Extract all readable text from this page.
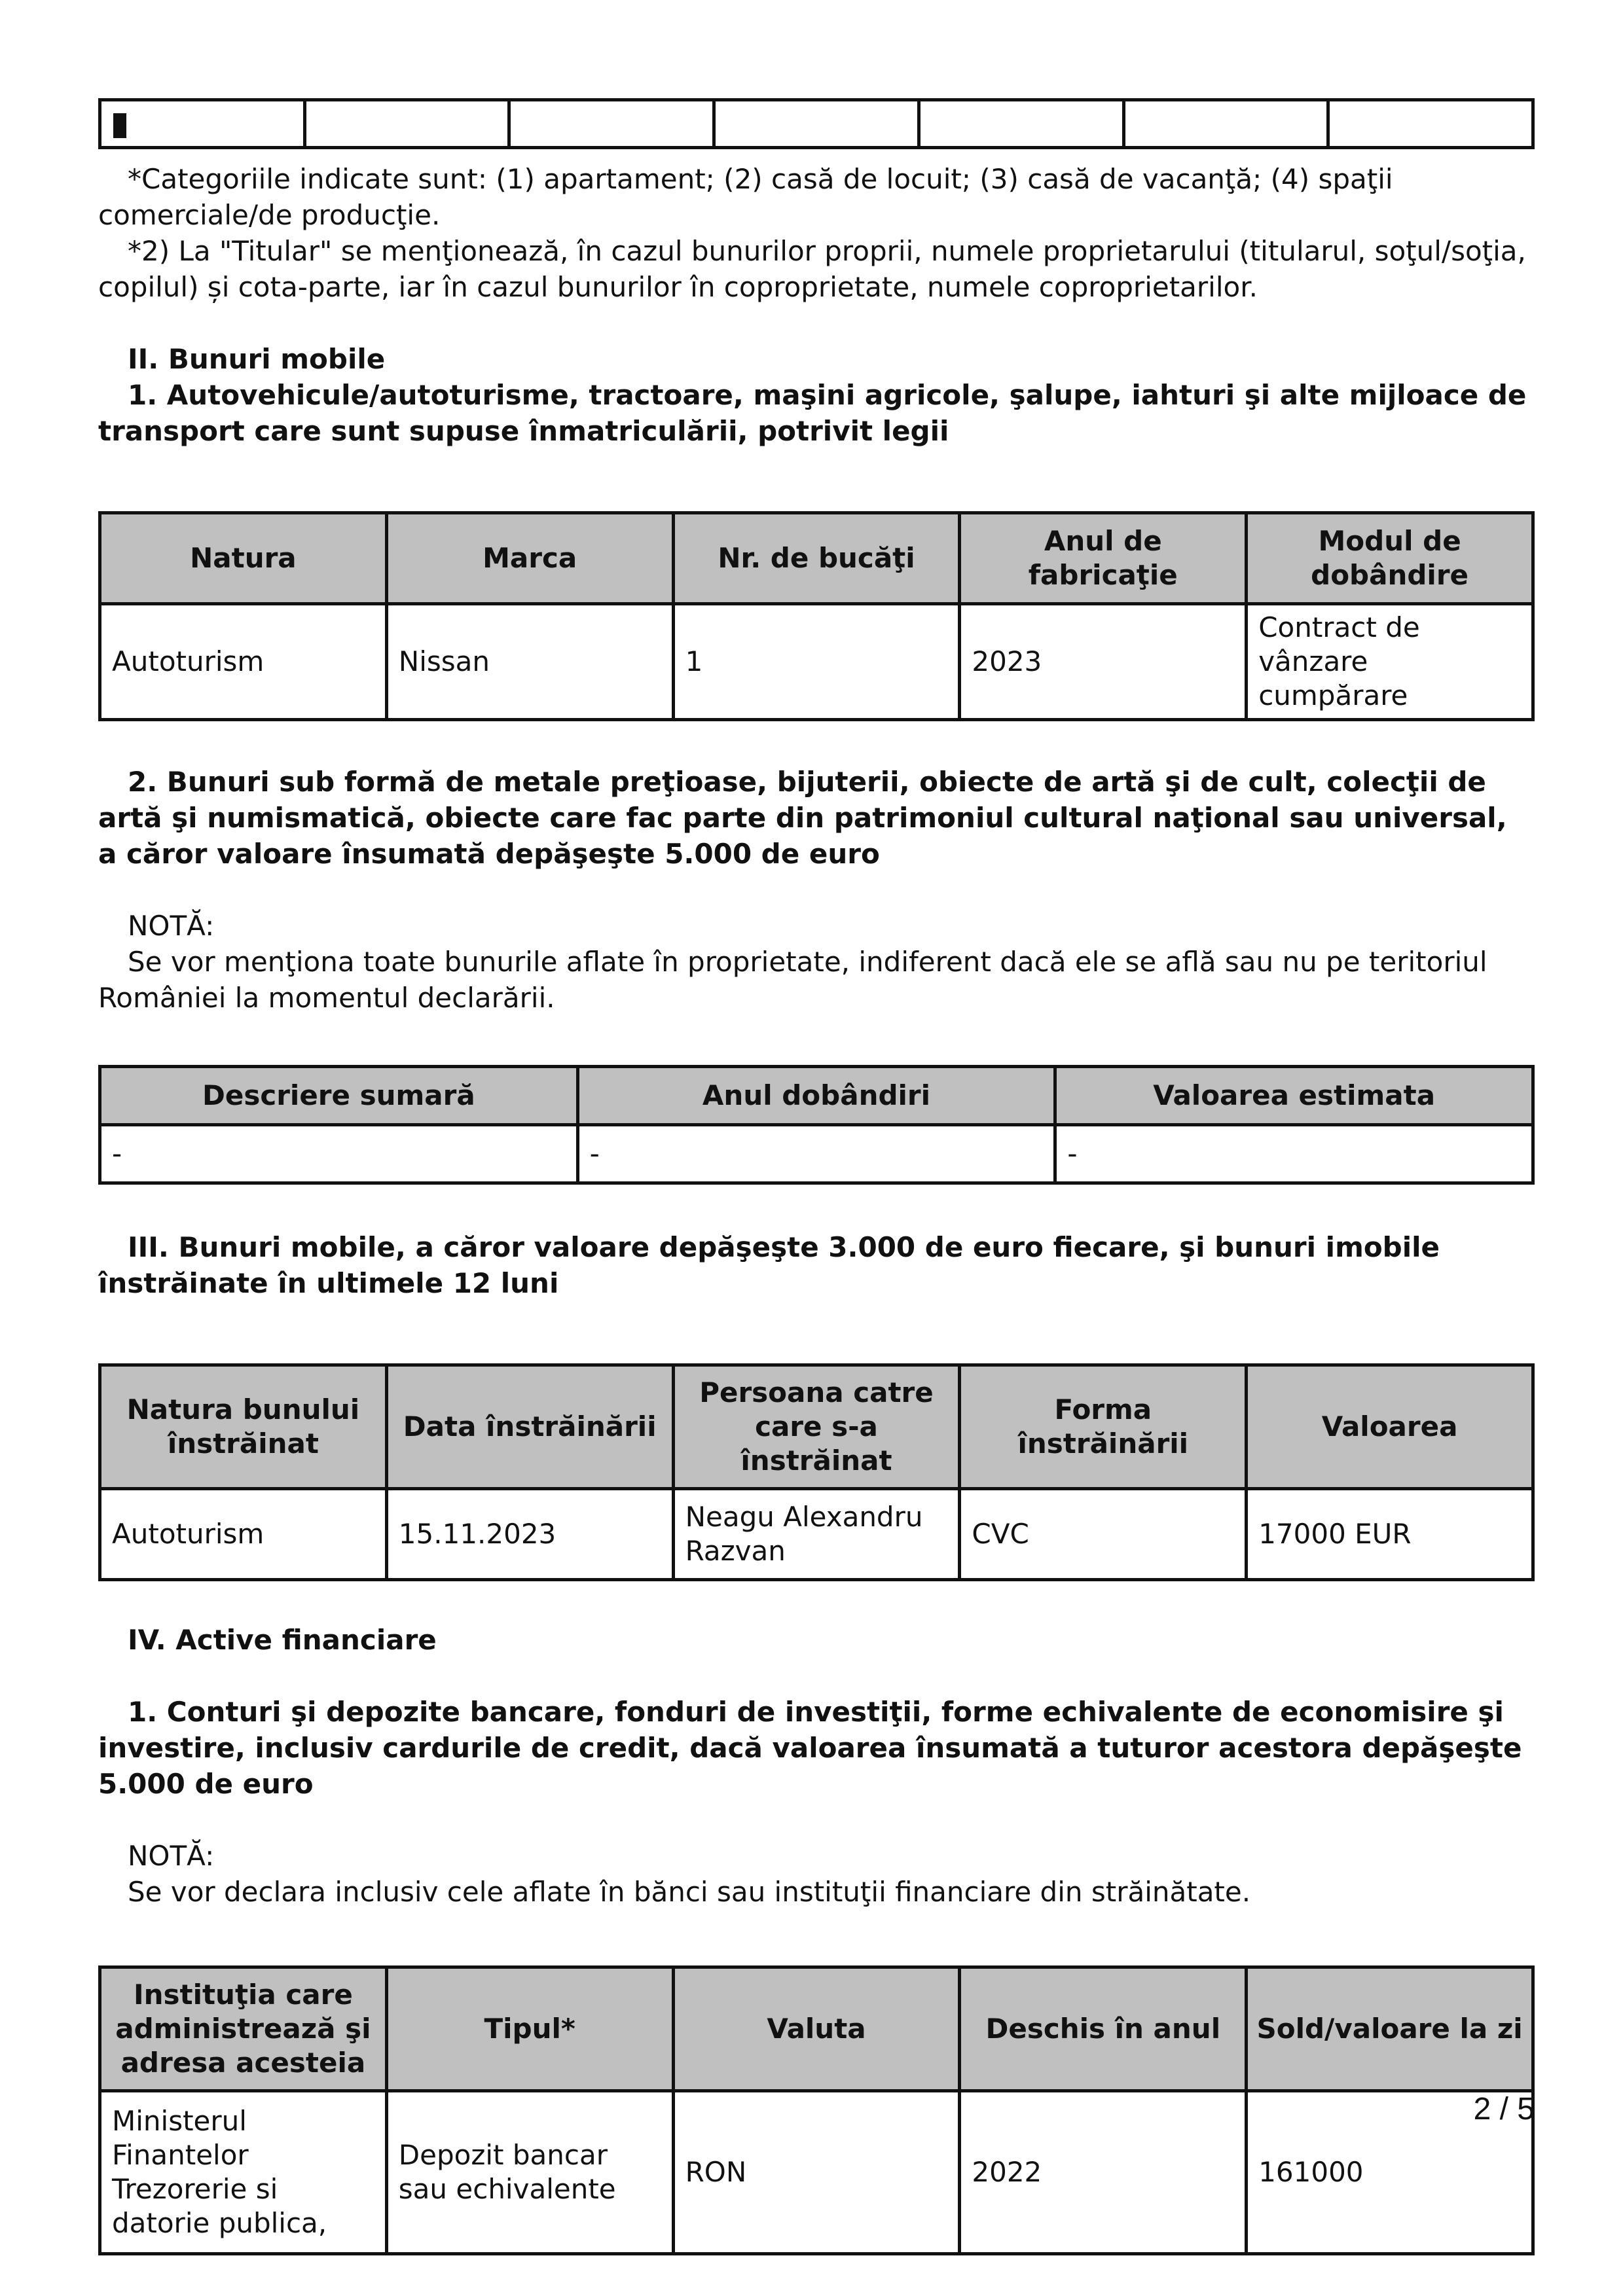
*Categoriile indicate sunt: (1) apartament; (2) casă de locuit; (3) casă de vacanţă; (4) spaţii comerciale/de producţie.

*2) La "Titular" se menţionează, în cazul bunurilor proprii, numele proprietarului (titularul, soţul/soţia, copilul) și cota-parte, iar în cazul bunurilor în coproprietate, numele coproprietarilor.

II. Bunuri mobile

1. Autovehicule/autoturisme, tractoare, maşini agricole, şalupe, iahturi şi alte mijloace de transport care sunt supuse înmatriculării, potrivit legii

Natura	Marca	Nr. de bucăţi	Anul de fabricaţie	Modul de dobândire
Autoturism	Nissan	1	2023	Contract de vânzare cumpărare

2. Bunuri sub formă de metale preţioase, bijuterii, obiecte de artă şi de cult, colecţii de artă şi numismatică, obiecte care fac parte din patrimoniul cultural naţional sau universal, a căror valoare însumată depăşeşte 5.000 de euro

NOTĂ:

Se vor menţiona toate bunurile aflate în proprietate, indiferent dacă ele se află sau nu pe teritoriul României la momentul declarării.

Descriere sumară	Anul dobândiri	Valoarea estimata
-	-	-

III. Bunuri mobile, a căror valoare depăşeşte 3.000 de euro fiecare, şi bunuri imobile înstrăinate în ultimele 12 luni

Natura bunului înstrăinat	Data înstrăinării	Persoana catre care s-a înstrăinat	Forma înstrăinării	Valoarea
Autoturism	15.11.2023	Neagu Alexandru Razvan	CVC	17000 EUR

IV. Active financiare

1. Conturi şi depozite bancare, fonduri de investiţii, forme echivalente de economisire şi investire, inclusiv cardurile de credit, dacă valoarea însumată a tuturor acestora depăşeşte 5.000 de euro

NOTĂ:

Se vor declara inclusiv cele aflate în bănci sau instituţii financiare din străinătate.

Instituţia care administrează şi adresa acesteia	Tipul*	Valuta	Deschis în anul	Sold/valoare la zi
Ministerul Finantelor Trezorerie si datorie publica,	Depozit bancar sau echivalente	RON	2022	161000
2 / 5
